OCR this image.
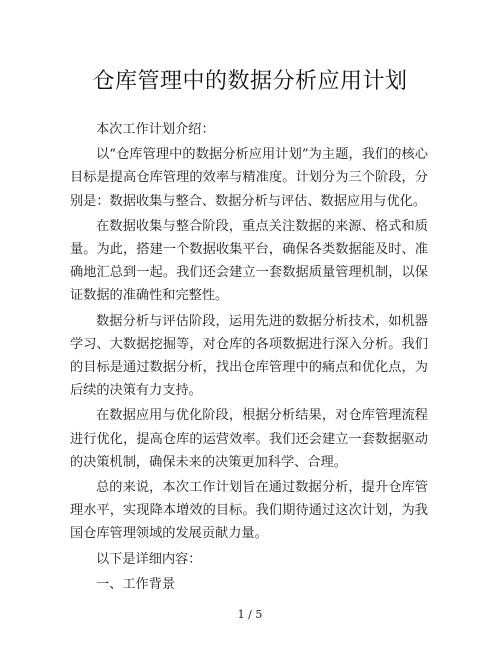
仓库管理中的数据分析应用计划

本次工作计划介绍：

以“仓库管理中的数据分析应用计划”为主题，我们的核心目标是提高仓库管理的效率与精准度。计划分为三个阶段，分别是：数据收集与整合、数据分析与评估、数据应用与优化。

在数据收集与整合阶段，重点关注数据的来源、格式和质量。为此，搭建一个数据收集平台，确保各类数据能及时、准确地汇总到一起。我们还会建立一套数据质量管理机制，以保证数据的准确性和完整性。

数据分析与评估阶段，运用先进的数据分析技术，如机器学习、大数据挖掘等，对仓库的各项数据进行深入分析。我们的目标是通过数据分析，找出仓库管理中的痛点和优化点，为后续的决策有力支持。

在数据应用与优化阶段，根据分析结果，对仓库管理流程进行优化，提高仓库的运营效率。我们还会建立一套数据驱动的决策机制，确保未来的决策更加科学、合理。

总的来说，本次工作计划旨在通过数据分析，提升仓库管理水平，实现降本增效的目标。我们期待通过这次计划，为我国仓库管理领域的发展贡献力量。

以下是详细内容：

一、工作背景

1 / 5
